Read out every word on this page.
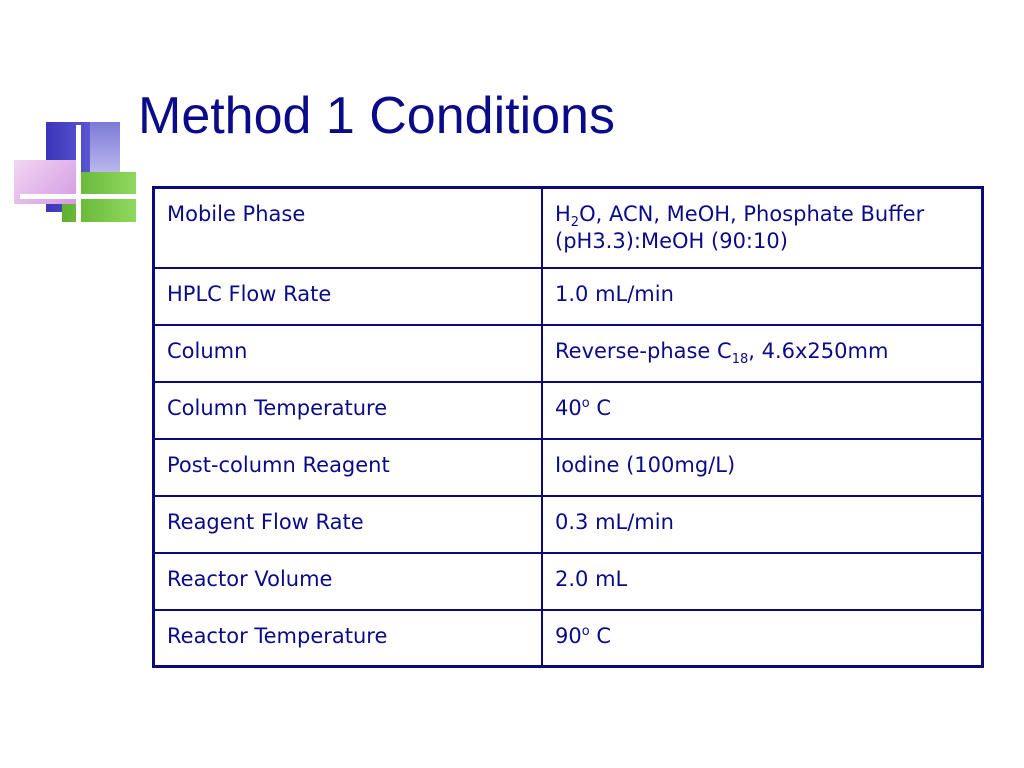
Method 1 Conditions
Mobile Phase	$H_2O$, ACN, MeOH, Phosphate Buffer (pH3.3):MeOH (90:10)
HPLC Flow Rate	1.0 mL/min
Column	Reverse-phase $C_{18}$, 4.6x250mm
Column Temperature	40$^o$ C
Post-column Reagent	Iodine (100mg/L)
Reagent Flow Rate	0.3 mL/min
Reactor Volume	2.0 mL
Reactor Temperature	90$^o$ C
